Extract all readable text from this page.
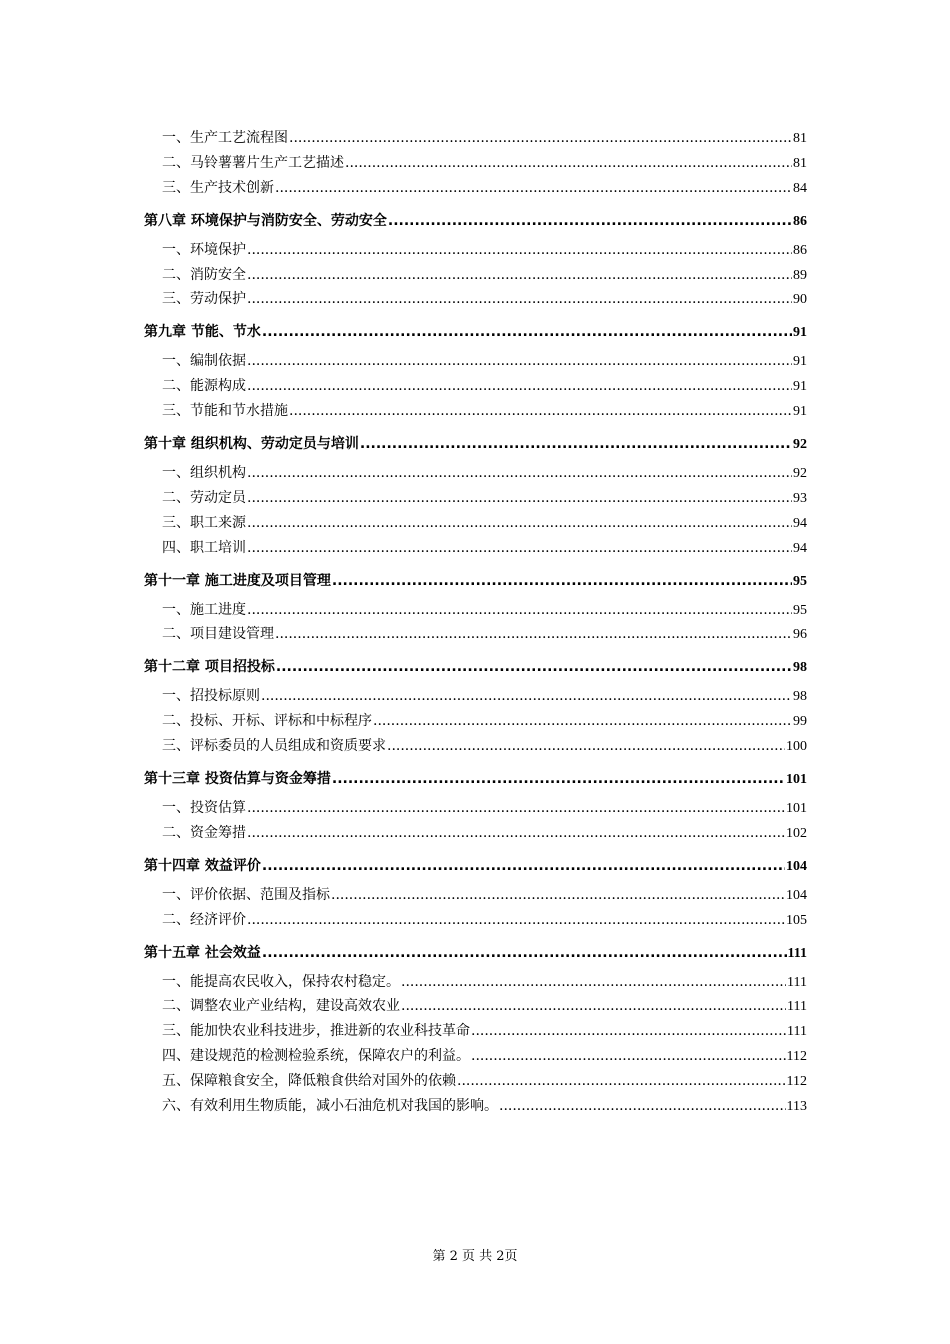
一、生产工艺流程图 .....	81
二、马铃薯薯片生产工艺描述 .....	81
三、生产技术创新 .....	84
第八章 环境保护与消防安全、劳动安全 .....	86
一、环境保护 .....	86
二、消防安全 .....	89
三、劳动保护 .....	90
第九章 节能、节水 .....	91
一、编制依据 .....	91
二、能源构成 .....	91
三、节能和节水措施 .....	91
第十章 组织机构、劳动定员与培训 .....	92
一、组织机构 .....	92
二、劳动定员 .....	93
三、职工来源 .....	94
四、职工培训 .....	94
第十一章 施工进度及项目管理 .....	95
一、施工进度 .....	95
二、项目建设管理 .....	96
第十二章 项目招投标 .....	98
一、招投标原则 .....	98
二、投标、开标、评标和中标程序 .....	99
三、评标委员的人员组成和资质要求 .....	100
第十三章 投资估算与资金筹措 .....	101
一、投资估算 .....	101
二、资金筹措 .....	102
第十四章 效益评价 .....	104
一、评价依据、范围及指标 .....	104
二、经济评价 .....	105
第十五章 社会效益 .....	111
一、能提高农民收入，保持农村稳定。 .....	111
二、调整农业产业结构，建设高效农业 .....	111
三、能加快农业科技进步，推进新的农业科技革命 .....	111
四、建设规范的检测检验系统，保障农户的利益。 .....	112
五、保障粮食安全，降低粮食供给对国外的依赖 .....	112
六、有效利用生物质能，减小石油危机对我国的影响。 .....	113
第 2 页 共 2页
